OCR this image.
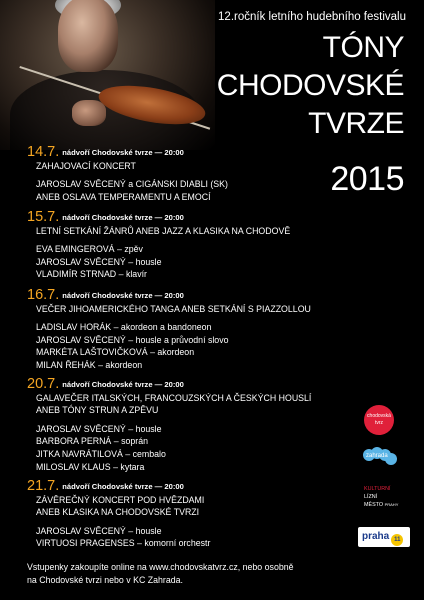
12.ročník letního hudebního festivalu
TÓNY
CHODOVSKÉ
TVRZE
2015
14.7. nádvoří Chodovské tvrze — 20:00
ZAHAJOVACÍ KONCERT
JAROSLAV SVĚCENÝ a CIGÁNSKI DIABLI (SK)
ANEB OSLAVA TEMPERAMENTU A EMOCÍ
15.7. nádvoří Chodovské tvrze — 20:00
LETNÍ SETKÁNÍ ŽÁNRŮ ANEB JAZZ A KLASIKA NA CHODOVĚ
EVA EMINGEROVÁ – zpěv
JAROSLAV SVĚCENÝ – housle
VLADIMÍR STRNAD – klavír
16.7. nádvoří Chodovské tvrze — 20:00
VEČER JIHOAMERICKÉHO TANGA ANEB SETKÁNÍ S PIAZZOLLOU
LADISLAV HORÁK – akordeon a bandoneon
JAROSLAV SVĚCENÝ – housle a průvodní slovo
MARKÉTA LAŠTOVIČKOVÁ – akordeon
MILAN ŘEHÁK – akordeon
20.7. nádvoří Chodovské tvrze — 20:00
GALAVEČER ITALSKÝCH, FRANCOUZSKÝCH A ČESKÝCH HOUSLÍ
ANEB TÓNY STRUN A ZPĚVU
JAROSLAV SVĚCENÝ – housle
BARBORA PERNÁ – soprán
JITKA NAVRÁTILOVÁ – cembalo
MILOSLAV KLAUS – kytara
21.7. nádvoří Chodovské tvrze — 20:00
ZÁVĚREČNÝ KONCERT POD HVĚZDAMI
ANEB KLASIKA NA CHODOVSKÉ TVRZI
JAROSLAV SVĚCENÝ – housle
VIRTUOSI PRAGENSES – komorní orchestr
Vstupenky zakoupíte online na www.chodovskatvrz.cz, nebo osobně
na Chodovské tvrzi nebo v KC Zahrada.
chodovská tvrz
zahrada
KULTURNÍ
LÍZNÍ
MĚSTO PRAHY
praha 11
